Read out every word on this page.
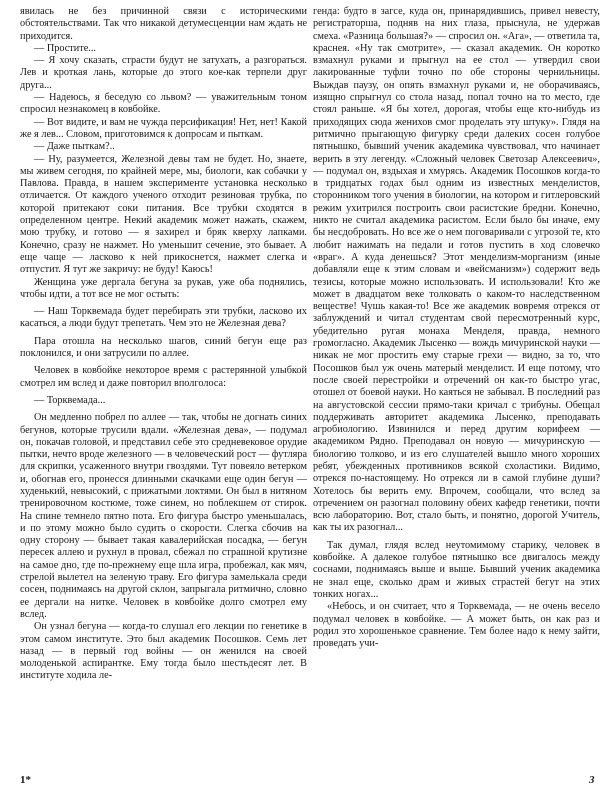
явилась не без причинной связи с историческими обстоятельствами. Так что никакой детумесценции нам ждать не приходится.

— Простите...

— Я хочу сказать, страсти будут не затухать, а разгораться. Лев и кроткая лань, которые до этого кое-как терпели друг друга...

— Надеюсь, я беседую со львом? — уважительным тоном спросил незнакомец в ковбойке.

— Вот видите, и вам не чужда персификация! Нет, нет! Какой же я лев... Словом, приготовимся к допросам и пыткам.

— Даже пыткам?..

— Ну, разумеется, Железной девы там не будет. Но, знаете, мы живем сегодня, по крайней мере, мы, биологи, как собачки у Павлова. Правда, в нашем эксперименте установка несколько отличается. От каждого ученого отходит резиновая трубка, по которой притекают соки питания. Все трубки сходятся в определенном центре. Некий академик может нажать, скажем, мою трубку, и готово — я захирел и бряк кверху лапками. Конечно, сразу не нажмет. Но уменьшит сечение, это бывает. А еще чаще — ласково к ней прикоснется, нажмет слегка и отпустит. Я тут же закричу: не буду! Каюсь!

Женщина уже дергала бегуна за рукав, уже оба поднялись, чтобы идти, а тот все не мог остыть:

— Наш Торквемада будет перебирать эти трубки, ласково их касаться, а люди будут трепетать. Чем это не Железная дева?

Пара отошла на несколько шагов, синий бегун еще раз поклонился, и они затрусили по аллее.

Человек в ковбойке некоторое время с растерянной улыбкой смотрел им вслед и даже повторил вполголоса:

— Торквемада...

Он медленно побрел по аллее — так, чтобы не догнать синих бегунов, которые трусили вдали. «Железная дева», — подумал он, покачав головой, и представил себе это средневековое орудие пытки, нечто вроде железного — в человеческий рост — футляра для скрипки, усаженного внутри гвоздями. Тут повеяло ветерком и, обогнав его, пронесся длинными скачками еще один бегун — худенький, невысокий, с прижатыми локтями. Он был в нитяном тренировочном костюме, тоже синем, но поблекшем от стирок. На спине темнело пятно пота. Его фигура быстро уменьшалась, и по этому можно было судить о скорости. Слегка сбочив на одну сторону — бывает такая кавалерийская посадка, — бегун пересек аллею и рухнул в провал, сбежал по страшной крутизне на самое дно, где по-прежнему еще шла игра, пробежал, как мяч, стрелой вылетел на зеленую траву. Его фигура замелькала среди сосен, поднимаясь на другой склон, запрыгала ритмично, словно ее дергали на нитке. Человек в ковбойке долго смотрел ему вслед.

Он узнал бегуна — когда-то слушал его лекции по генетике в этом самом институте. Это был академик Посошков. Семь лет назад — в первый год войны — он женился на своей молоденькой аспирантке. Ему тогда было шестьдесят лет. В институте ходила ле-

генда: будто в загсе, куда он, принарядившись, привел невесту, регистраторша, подняв на них глаза, прыснула, не удержав смеха. «Разница большая?» — спросил он. «Ага», — ответила та, краснея. «Ну так смотрите», — сказал академик. Он коротко взмахнул руками и прыгнул на ее стол — утвердил свои лакированные туфли точно по обе стороны чернильницы. Выждав паузу, он опять взмахнул руками и, не оборачиваясь, изящно спрыгнул со стола назад, попал точно на то место, где стоял раньше. «Я бы хотел, дорогая, чтобы еще кто-нибудь из приходящих сюда женихов смог проделать эту штуку». Глядя на ритмично прыгающую фигурку среди далеких сосен голубое пятнышко, бывший ученик академика чувствовал, что начинает верить в эту легенду. «Сложный человек Светозар Алексеевич», — подумал он, вздыхая и хмурясь. Академик Посошков когда-то в тридцатых годах был одним из известных менделистов, сторонником того учения в биологии, на котором и гитлеровский режим ухитрился построить свои расистские бредни. Конечно, никто не считал академика расистом. Если было бы иначе, ему бы несдобровать. Но все же о нем поговаривали с угрозой те, кто любит нажимать на педали и готов пустить в ход словечко «враг». А куда денешься? Этот менделизм-морганизм (иные добавляли еще к этим словам и «вейсманизм») содержит ведь тезисы, которые можно использовать. И использовали! Кто же может в двадцатом веке толковать о каком-то наследственном веществе! Чушь какая-то! Все же академик вовремя отрекся от заблуждений и читал студентам свой пересмотренный курс, убедительно ругая монаха Менделя, правда, немного громогласно. Академик Лысенко — вождь мичуринской науки — никак не мог простить ему старые грехи — видно, за то, что Посошков был уж очень матерый менделист. И еще потому, что после своей перестройки и отречений он как-то быстро угас, отошел от боевой науки. Но каяться не забывал. В последний раз на августовской сессии прямо-таки кричал с трибуны. Обещал поддерживать авторитет академика Лысенко, преподавать агробиологию. Извинился и перед другим корифеем — академиком Рядно. Преподавал он новую — мичуринскую — биологию толково, и из его слушателей вышло много хороших ребят, убежденных противников всякой схоластики. Видимо, отрекся по-настоящему. Но отрекся ли в самой глубине души? Хотелось бы верить ему. Впрочем, сообщали, что вслед за отречением он разогнал половину обеих кафедр генетики, почти всю лабораторию. Вот, стало быть, и понятно, дорогой Учитель, как ты их разогнал...

Так думал, глядя вслед неутомимому старику, человек в ковбойке. А далекое голубое пятнышко все двигалось между соснами, поднимаясь выше и выше. Бывший ученик академика не знал еще, сколько драм и живых страстей бегут на этих тонких ногах...

«Небось, и он считает, что я Торквемада, — не очень весело подумал человек в ковбойке. — А может быть, он как раз и родил это хорошенькое сравнение. Тем более надо к нему зайти, проведать учи-

1*	3
